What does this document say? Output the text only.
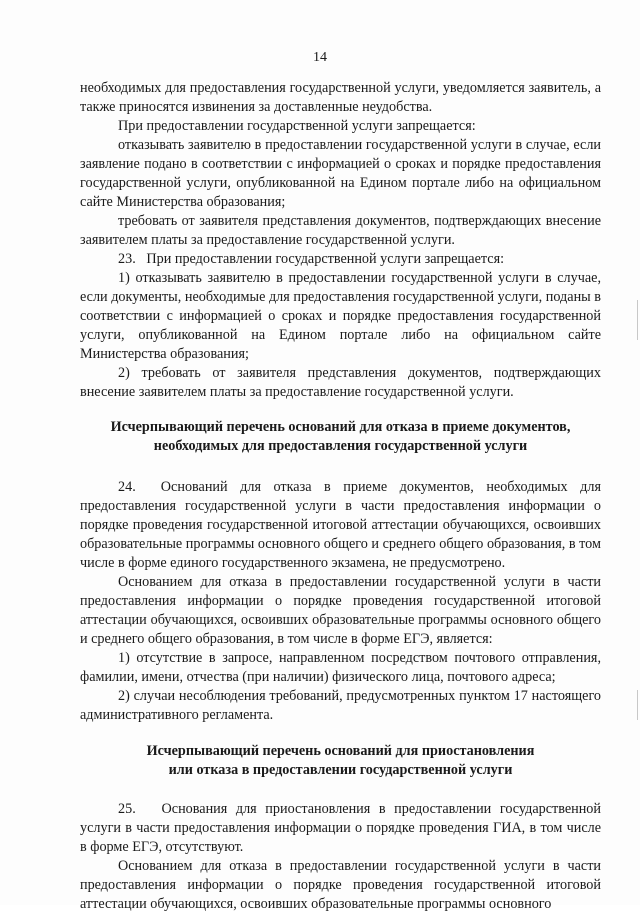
14

необходимых для предоставления государственной услуги, уведомляется заявитель, а также приносятся извинения за доставленные неудобства.

При предоставлении государственной услуги запрещается:

отказывать заявителю в предоставлении государственной услуги в случае, если заявление подано в соответствии с информацией о сроках и порядке предоставления государственной услуги, опубликованной на Едином портале либо на официальном сайте Министерства образования;

требовать от заявителя представления документов, подтверждающих внесение заявителем платы за предоставление государственной услуги.

23.   При предоставлении государственной услуги запрещается:

1) отказывать заявителю в предоставлении государственной услуги в случае, если документы, необходимые для предоставления государственной услуги, поданы в соответствии с информацией о сроках и порядке предоставления государственной услуги, опубликованной на Едином портале либо на официальном сайте Министерства образования;

2) требовать от заявителя представления документов, подтверждающих внесение заявителем платы за предоставление государственной услуги.

Исчерпывающий перечень оснований для отказа в приеме документов,

необходимых для предоставления государственной услуги

24.  Оснований для отказа в приеме документов, необходимых для предоставления государственной услуги в части предоставления информации о порядке проведения государственной итоговой аттестации обучающихся, освоивших образовательные программы основного общего и среднего общего образования, в том числе в форме единого государственного экзамена, не предусмотрено.

Основанием для отказа в предоставлении государственной услуги в части предоставления информации о порядке проведения государственной итоговой аттестации обучающихся, освоивших образовательные программы основного общего и среднего общего образования, в том числе в форме ЕГЭ, является:

1) отсутствие в запросе, направленном посредством почтового отправления, фамилии, имени, отчества (при наличии) физического лица, почтового адреса;

2) случаи несоблюдения требований, предусмотренных пунктом 17 настоящего административного регламента.

Исчерпывающий перечень оснований для приостановления

или отказа в предоставлении государственной услуги

25.   Основания для приостановления в предоставлении государственной услуги в части предоставления информации о порядке проведения ГИА, в том числе в форме ЕГЭ, отсутствуют.

Основанием для отказа в предоставлении государственной услуги в части предоставления информации о порядке проведения государственной итоговой аттестации обучающихся, освоивших образовательные программы основного
